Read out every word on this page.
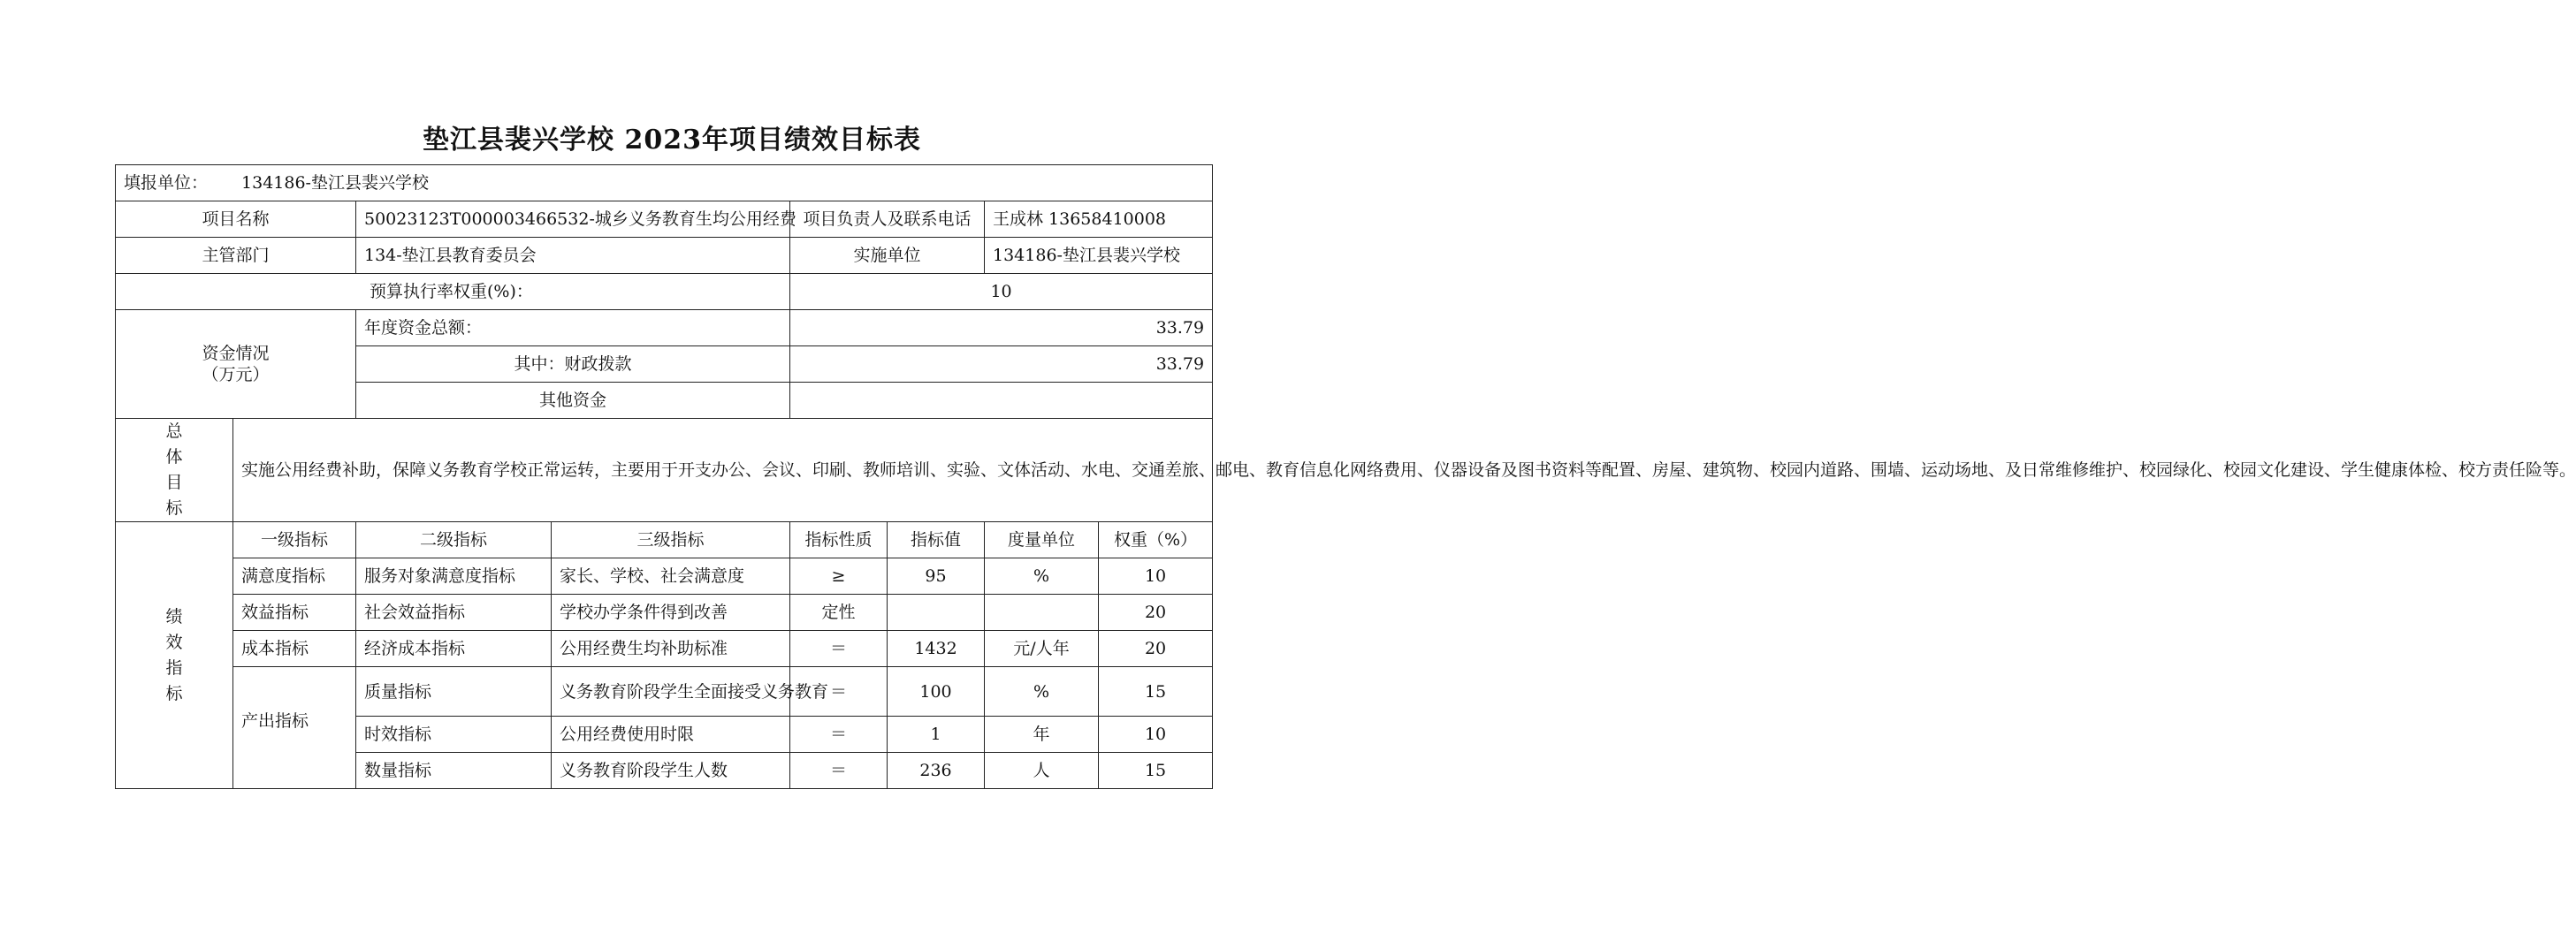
垫江县裴兴学校 2023年项目绩效目标表
填报单位： 134186-垫江县裴兴学校							
项目名称		50023123T000003466532-城乡义务教育生均公用经费		项目负责人及联系电话		王成林 13658410008	
主管部门		134-垫江县教育委员会		实施单位		134186-垫江县裴兴学校	
预算执行率权重(%)：				10			

资金情况
（万元）		年度资金总额：		33.79			
		其中：财政拨款		33.79			
		其他资金					

总
体
目
标	实施公用经费补助，保障义务教育学校正常运转，主要用于开支办公、会议、印刷、教师培训、实验、文体活动、水电、交通差旅、邮电、教育信息化网络费用、仪器设备及图书资料等配置、房屋、建筑物、校园内道路、围墙、运动场地、及日常维修维护、校园绿化、校园文化建设、学生健康体检、校方责任险等。						

绩
效
指
标	一级指标	二级指标	三级指标	指标性质	指标值	度量单位	权重（%）
	满意度指标	服务对象满意度指标	家长、学校、社会满意度	≥	95	%	10
	效益指标	社会效益指标	学校办学条件得到改善	定性			20
	成本指标	经济成本指标	公用经费生均补助标准	＝	1432	元/人年	20
	产出指标	质量指标	义务教育阶段学生全面接受义务教育	＝	100	%	15
		时效指标	公用经费使用时限	＝	1	年	10
		数量指标	义务教育阶段学生人数	＝	236	人	15
